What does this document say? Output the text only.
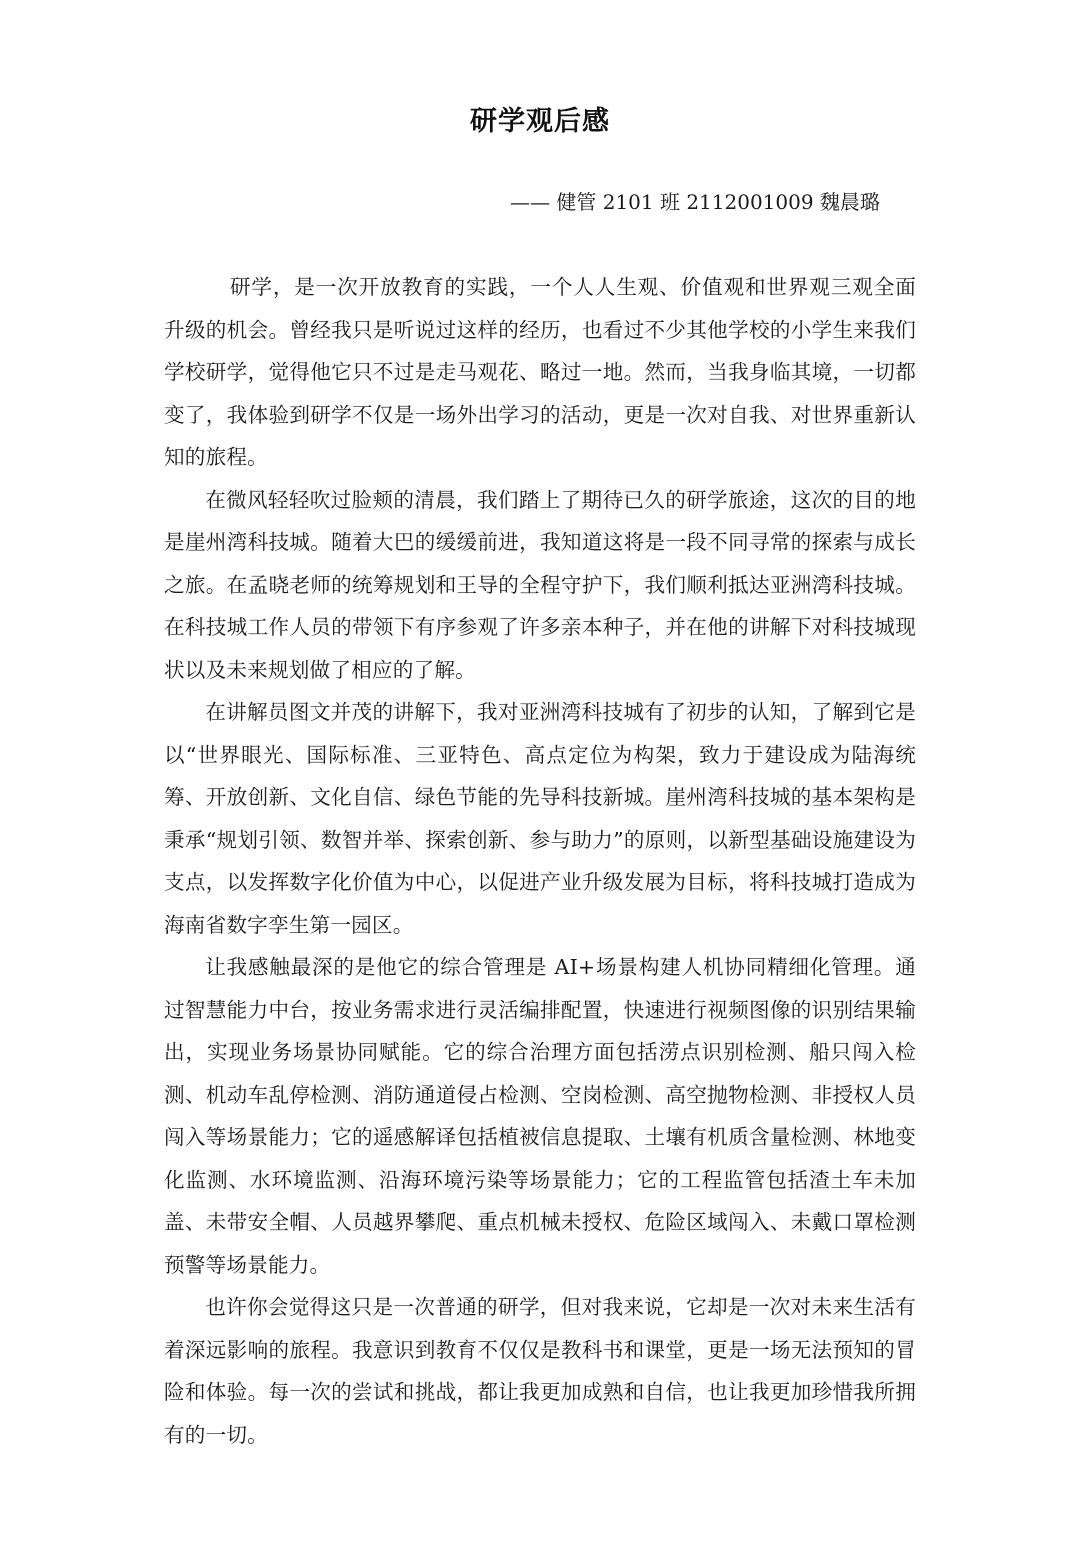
研学观后感
—— 健管 2101 班 2112001009 魏晨璐

研学，是一次开放教育的实践，一个人人生观、价值观和世界观三观全面升级的机会。曾经我只是听说过这样的经历，也看过不少其他学校的小学生来我们学校研学，觉得他它只不过是走马观花、略过一地。然而，当我身临其境，一切都变了，我体验到研学不仅是一场外出学习的活动，更是一次对自我、对世界重新认知的旅程。

在微风轻轻吹过脸颊的清晨，我们踏上了期待已久的研学旅途，这次的目的地是崖州湾科技城。随着大巴的缓缓前进，我知道这将是一段不同寻常的探索与成长之旅。在孟晓老师的统筹规划和王导的全程守护下，我们顺利抵达亚洲湾科技城。在科技城工作人员的带领下有序参观了许多亲本种子，并在他的讲解下对科技城现状以及未来规划做了相应的了解。

在讲解员图文并茂的讲解下，我对亚洲湾科技城有了初步的认知，了解到它是以“世界眼光、国际标准、三亚特色、高点定位为构架，致力于建设成为陆海统筹、开放创新、文化自信、绿色节能的先导科技新城。崖州湾科技城的基本架构是秉承“规划引领、数智并举、探索创新、参与助力”的原则，以新型基础设施建设为支点，以发挥数字化价值为中心，以促进产业升级发展为目标，将科技城打造成为海南省数字孪生第一园区。

让我感触最深的是他它的综合管理是 AI+场景构建人机协同精细化管理。通过智慧能力中台，按业务需求进行灵活编排配置，快速进行视频图像的识别结果输出，实现业务场景协同赋能。它的综合治理方面包括涝点识别检测、船只闯入检测、机动车乱停检测、消防通道侵占检测、空岗检测、高空抛物检测、非授权人员闯入等场景能力；它的遥感解译包括植被信息提取、土壤有机质含量检测、林地变化监测、水环境监测、沿海环境污染等场景能力；它的工程监管包括渣土车未加盖、未带安全帽、人员越界攀爬、重点机械未授权、危险区域闯入、未戴口罩检测预警等场景能力。

也许你会觉得这只是一次普通的研学，但对我来说，它却是一次对未来生活有着深远影响的旅程。我意识到教育不仅仅是教科书和课堂，更是一场无法预知的冒险和体验。每一次的尝试和挑战，都让我更加成熟和自信，也让我更加珍惜我所拥有的一切。
